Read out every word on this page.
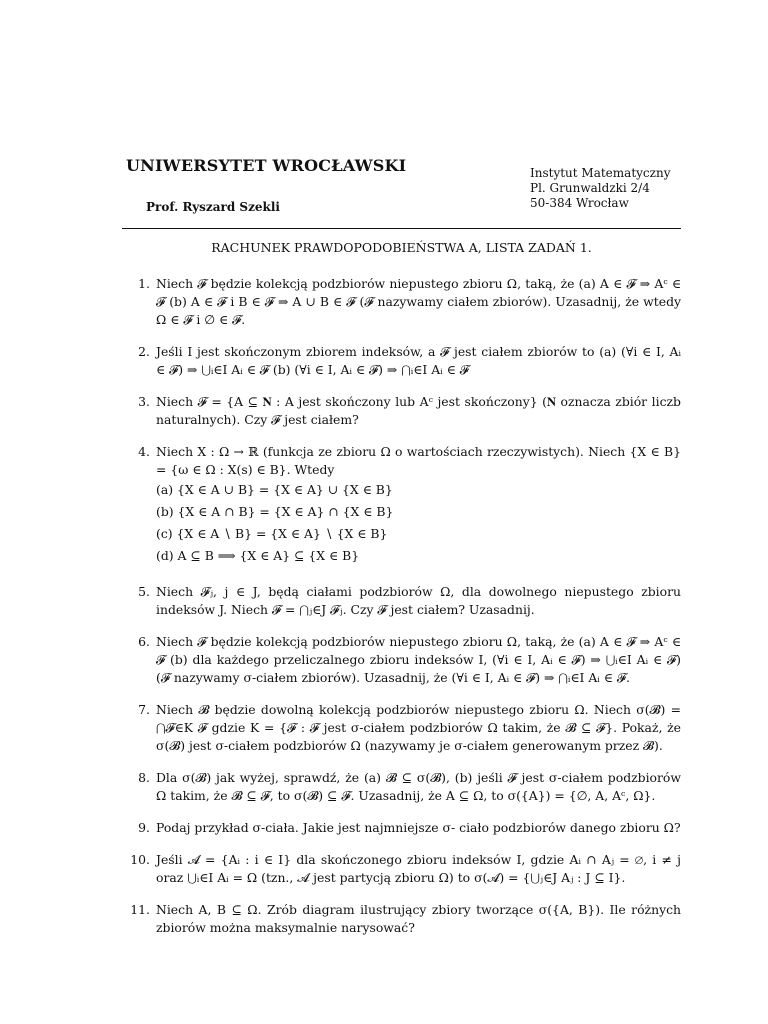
UNIWERSYTET WROCŁAWSKI
Prof. Ryszard Szekli
Instytut Matematyczny
Pl. Grunwaldzki 2/4
50-384 Wrocław
RACHUNEK PRAWDOPODOBIEŃSTWA A, LISTA ZADAŃ 1.
1. Niech 𝓕 będzie kolekcją podzbiorów niepustego zbioru Ω, taką, że (a) A ∈ 𝓕 ⇒ Aᶜ ∈ 𝓕 (b) A ∈ 𝓕 i B ∈ 𝓕 ⇒ A ∪ B ∈ 𝓕 (𝓕 nazywamy ciałem zbiorów). Uzasadnij, że wtedy Ω ∈ 𝓕 i ∅ ∈ 𝓕.
2. Jeśli I jest skończonym zbiorem indeksów, a 𝓕 jest ciałem zbiorów to (a) (∀i ∈ I, Aᵢ ∈ 𝓕) ⇒ ⋃ᵢ∈I Aᵢ ∈ 𝓕 (b) (∀i ∈ I, Aᵢ ∈ 𝓕) ⇒ ⋂ᵢ∈I Aᵢ ∈ 𝓕
3. Niech 𝓕 = {A ⊆ 𝐍 : A jest skończony lub Aᶜ jest skończony} (𝐍 oznacza zbiór liczb naturalnych). Czy 𝓕 jest ciałem?
4. Niech X : Ω → ℝ (funkcja ze zbioru Ω o wartościach rzeczywistych). Niech {X ∈ B} = {ω ∈ Ω : X(s) ∈ B}. Wtedy
(a) {X ∈ A ∪ B} = {X ∈ A} ∪ {X ∈ B}
(b) {X ∈ A ∩ B} = {X ∈ A} ∩ {X ∈ B}
(c) {X ∈ A ∖ B} = {X ∈ A} ∖ {X ∈ B}
(d) A ⊆ B ⟹ {X ∈ A} ⊆ {X ∈ B}
5. Niech 𝓕ⱼ, j ∈ J, będą ciałami podzbiorów Ω, dla dowolnego niepustego zbioru indeksów J. Niech 𝓕 = ⋂ⱼ∈J 𝓕ⱼ. Czy 𝓕 jest ciałem? Uzasadnij.
6. Niech 𝓕 będzie kolekcją podzbiorów niepustego zbioru Ω, taką, że (a) A ∈ 𝓕 ⇒ Aᶜ ∈ 𝓕 (b) dla każdego przeliczalnego zbioru indeksów I, (∀i ∈ I, Aᵢ ∈ 𝓕) ⇒ ⋃ᵢ∈I Aᵢ ∈ 𝓕) (𝓕 nazywamy σ-ciałem zbiorów). Uzasadnij, że (∀i ∈ I, Aᵢ ∈ 𝓕) ⇒ ⋂ᵢ∈I Aᵢ ∈ 𝓕.
7. Niech 𝓑 będzie dowolną kolekcją podzbiorów niepustego zbioru Ω. Niech σ(𝓑) = ⋂𝓕∈K 𝓕 gdzie K = {𝓕 : 𝓕 jest σ-ciałem podzbiorów Ω takim, że 𝓑 ⊆ 𝓕}. Pokaż, że σ(𝓑) jest σ-ciałem podzbiorów Ω (nazywamy je σ-ciałem generowanym przez 𝓑).
8. Dla σ(𝓑) jak wyżej, sprawdź, że (a) 𝓑 ⊆ σ(𝓑), (b) jeśli 𝓕 jest σ-ciałem podzbiorów Ω takim, że 𝓑 ⊆ 𝓕, to σ(𝓑) ⊆ 𝓕. Uzasadnij, że A ⊆ Ω, to σ({A}) = {∅, A, Aᶜ, Ω}.
9. Podaj przykład σ-ciała. Jakie jest najmniejsze σ- ciało podzbiorów danego zbioru Ω?
10. Jeśli 𝓐 = {Aᵢ : i ∈ I} dla skończonego zbioru indeksów I, gdzie Aᵢ ∩ Aⱼ = ∅, i ≠ j oraz ⋃ᵢ∈I Aᵢ = Ω (tzn., 𝓐 jest partycją zbioru Ω) to σ(𝓐) = {⋃ⱼ∈J Aⱼ : J ⊆ I}.
11. Niech A, B ⊆ Ω. Zrób diagram ilustrujący zbiory tworzące σ({A, B}). Ile różnych zbiorów można maksymalnie narysować?
